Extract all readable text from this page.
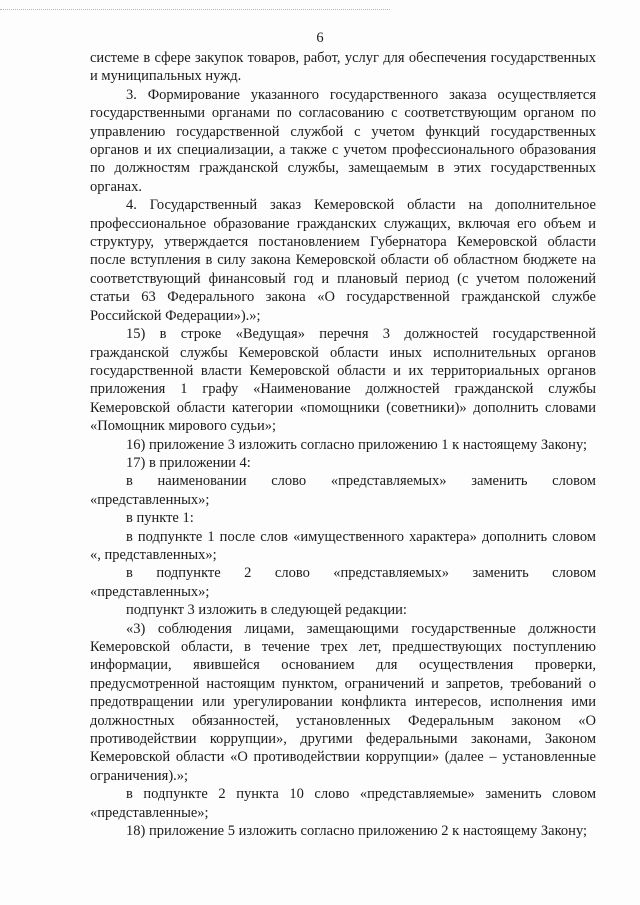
6

системе в сфере закупок товаров, работ, услуг для обеспечения государственных и муниципальных нужд.

3. Формирование указанного государственного заказа осуществляется государственными органами по согласованию с соответствующим органом по управлению государственной службой с учетом функций государственных органов и их специализации, а также с учетом профессионального образования по должностям гражданской службы, замещаемым в этих государственных органах.

4. Государственный заказ Кемеровской области на дополнительное профессиональное образование гражданских служащих, включая его объем и структуру, утверждается постановлением Губернатора Кемеровской области после вступления в силу закона Кемеровской области об областном бюджете на соответствующий финансовый год и плановый период (с учетом положений статьи 63 Федерального закона «О государственной гражданской службе Российской Федерации»).»;

15) в строке «Ведущая» перечня 3 должностей государственной гражданской службы Кемеровской области иных исполнительных органов государственной власти Кемеровской области и их территориальных органов приложения 1 графу «Наименование должностей гражданской службы Кемеровской области категории «помощники (советники)» дополнить словами «Помощник мирового судьи»;

16) приложение 3 изложить согласно приложению 1 к настоящему Закону;

17) в приложении 4:

в наименовании слово «представляемых» заменить словом «представленных»;

в пункте 1:

в подпункте 1 после слов «имущественного характера» дополнить словом «, представленных»;

в подпункте 2 слово «представляемых» заменить словом «представленных»;

подпункт 3 изложить в следующей редакции:

«3) соблюдения лицами, замещающими государственные должности Кемеровской области, в течение трех лет, предшествующих поступлению информации, явившейся основанием для осуществления проверки, предусмотренной настоящим пунктом, ограничений и запретов, требований о предотвращении или урегулировании конфликта интересов, исполнения ими должностных обязанностей, установленных Федеральным законом «О противодействии коррупции», другими федеральными законами, Законом Кемеровской области «О противодействии коррупции» (далее – установленные ограничения).»;

в подпункте 2 пункта 10 слово «представляемые» заменить словом «представленные»;

18) приложение 5 изложить согласно приложению 2 к настоящему Закону;
